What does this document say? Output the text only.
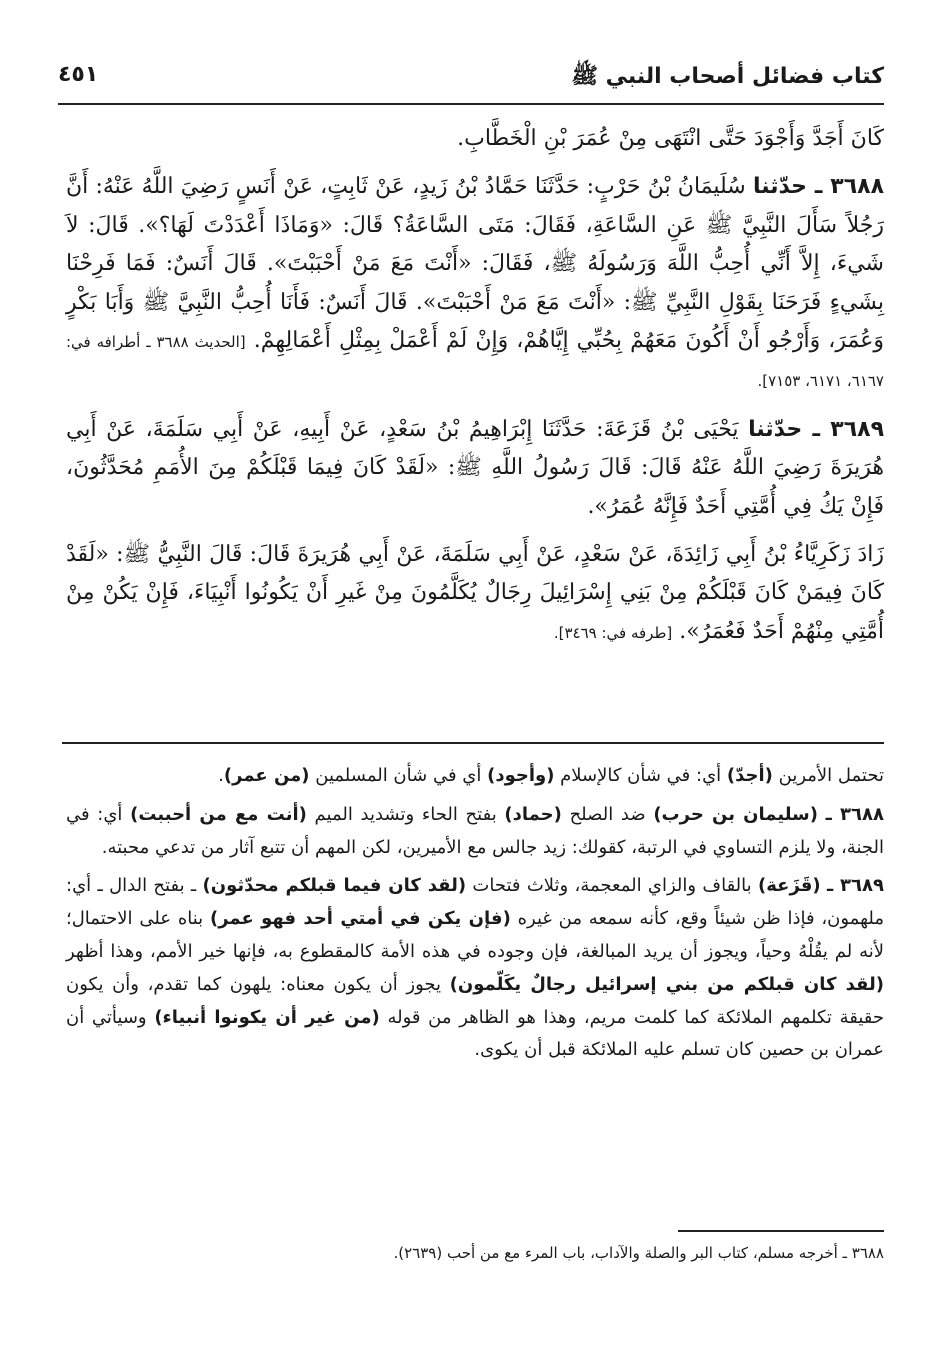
كتاب فضائل أصحاب النبي ﷺ
٤٥١

كَانَ أَجَدَّ وَأَجْوَدَ حَتَّى انْتَهَى مِنْ عُمَرَ بْنِ الْخَطَّابِ.

٣٦٨٨ ـ حدّثنا سُلَيمَانُ بْنُ حَرْبٍ: حَدَّثَنَا حَمَّادُ بْنُ زَيدٍ، عَنْ ثَابِتٍ، عَنْ أَنَسٍ رَضِيَ اللَّهُ عَنْهُ: أَنَّ رَجُلاً سَأَلَ النَّبِيَّ ﷺ عَنِ السَّاعَةِ، فَقَالَ: مَتَى السَّاعَةُ؟ قَالَ: «وَمَاذَا أَعْدَدْتَ لَهَا؟». قَالَ: لاَ شَيءَ، إِلاَّ أَنِّي أُحِبُّ اللَّهَ وَرَسُولَهُ ﷺ، فَقَالَ: «أَنْتَ مَعَ مَنْ أَحْبَبْتَ». قَالَ أَنَسٌ: فَمَا فَرِحْنَا بِشَيءٍ فَرَحَنَا بِقَوْلِ النَّبِيِّ ﷺ: «أَنْتَ مَعَ مَنْ أَحْبَبْتَ». قَالَ أَنَسٌ: فَأَنَا أُحِبُّ النَّبِيَّ ﷺ وَأَبَا بَكْرٍ وَعُمَرَ، وَأَرْجُو أَنْ أَكُونَ مَعَهُمْ بِحُبِّي إِيَّاهُمْ، وَإِنْ لَمْ أَعْمَلْ بِمِثْلِ أَعْمَالِهِمْ. [الحديث ٣٦٨٨ ـ أطرافه في: ٦١٦٧، ٦١٧١، ٧١٥٣].

٣٦٨٩ ـ حدّثنا يَحْيَى بْنُ قَزَعَةَ: حَدَّثَنَا إِبْرَاهِيمُ بْنُ سَعْدٍ، عَنْ أَبِيهِ، عَنْ أَبِي سَلَمَةَ، عَنْ أَبِي هُرَيرَةَ رَضِيَ اللَّهُ عَنْهُ قَالَ: قَالَ رَسُولُ اللَّهِ ﷺ: «لَقَدْ كَانَ فِيمَا قَبْلَكُمْ مِنَ الأُمَمِ مُحَدَّثُونَ، فَإِنْ يَكُ فِي أُمَّتِي أَحَدٌ فَإِنَّهُ عُمَرُ».

زَادَ زَكَرِيَّاءُ بْنُ أَبِي زَائِدَةَ، عَنْ سَعْدٍ، عَنْ أَبِي سَلَمَةَ، عَنْ أَبِي هُرَيرَةَ قَالَ: قَالَ النَّبِيُّ ﷺ: «لَقَدْ كَانَ فِيمَنْ كَانَ قَبْلَكُمْ مِنْ بَنِي إِسْرَائِيلَ رِجَالٌ يُكَلَّمُونَ مِنْ غَيرِ أَنْ يَكُونُوا أَنْبِيَاءَ، فَإِنْ يَكُنْ مِنْ أُمَّتِي مِنْهُمْ أَحَدٌ فَعُمَرُ». [طرفه في: ٣٤٦٩].

تحتمل الأمرين (أجدّ) أي: في شأن كالإسلام (وأجود) أي في شأن المسلمين (من عمر).

٣٦٨٨ ـ (سليمان بن حرب) ضد الصلح (حماد) بفتح الحاء وتشديد الميم (أنت مع من أحببت) أي: في الجنة، ولا يلزم التساوي في الرتبة، كقولك: زيد جالس مع الأميرين، لكن المهم أن تتبع آثار من تدعي محبته.

٣٦٨٩ ـ (قَزَعة) بالقاف والزاي المعجمة، وثلاث فتحات (لقد كان فيما قبلكم محدّثون) ـ بفتح الدال ـ أي: ملهمون، فإذا ظن شيئاً وقع، كأنه سمعه من غيره (فإن يكن في أمتي أحد فهو عمر) بناه على الاحتمال؛ لأنه لم يقُلْهُ وحياً، ويجوز أن يريد المبالغة، فإن وجوده في هذه الأمة كالمقطوع به، فإنها خير الأمم، وهذا أظهر (لقد كان قبلكم من بني إسرائيل رجالٌ يكَلّمون) يجوز أن يكون معناه: يلهون كما تقدم، وأن يكون حقيقة تكلمهم الملائكة كما كلمت مريم، وهذا هو الظاهر من قوله (من غير أن يكونوا أنبياء) وسيأتي أن عمران بن حصين كان تسلم عليه الملائكة قبل أن يكوى.

٣٦٨٨ ـ أخرجه مسلم، كتاب البر والصلة والآداب، باب المرء مع من أحب (٢٦٣٩).
